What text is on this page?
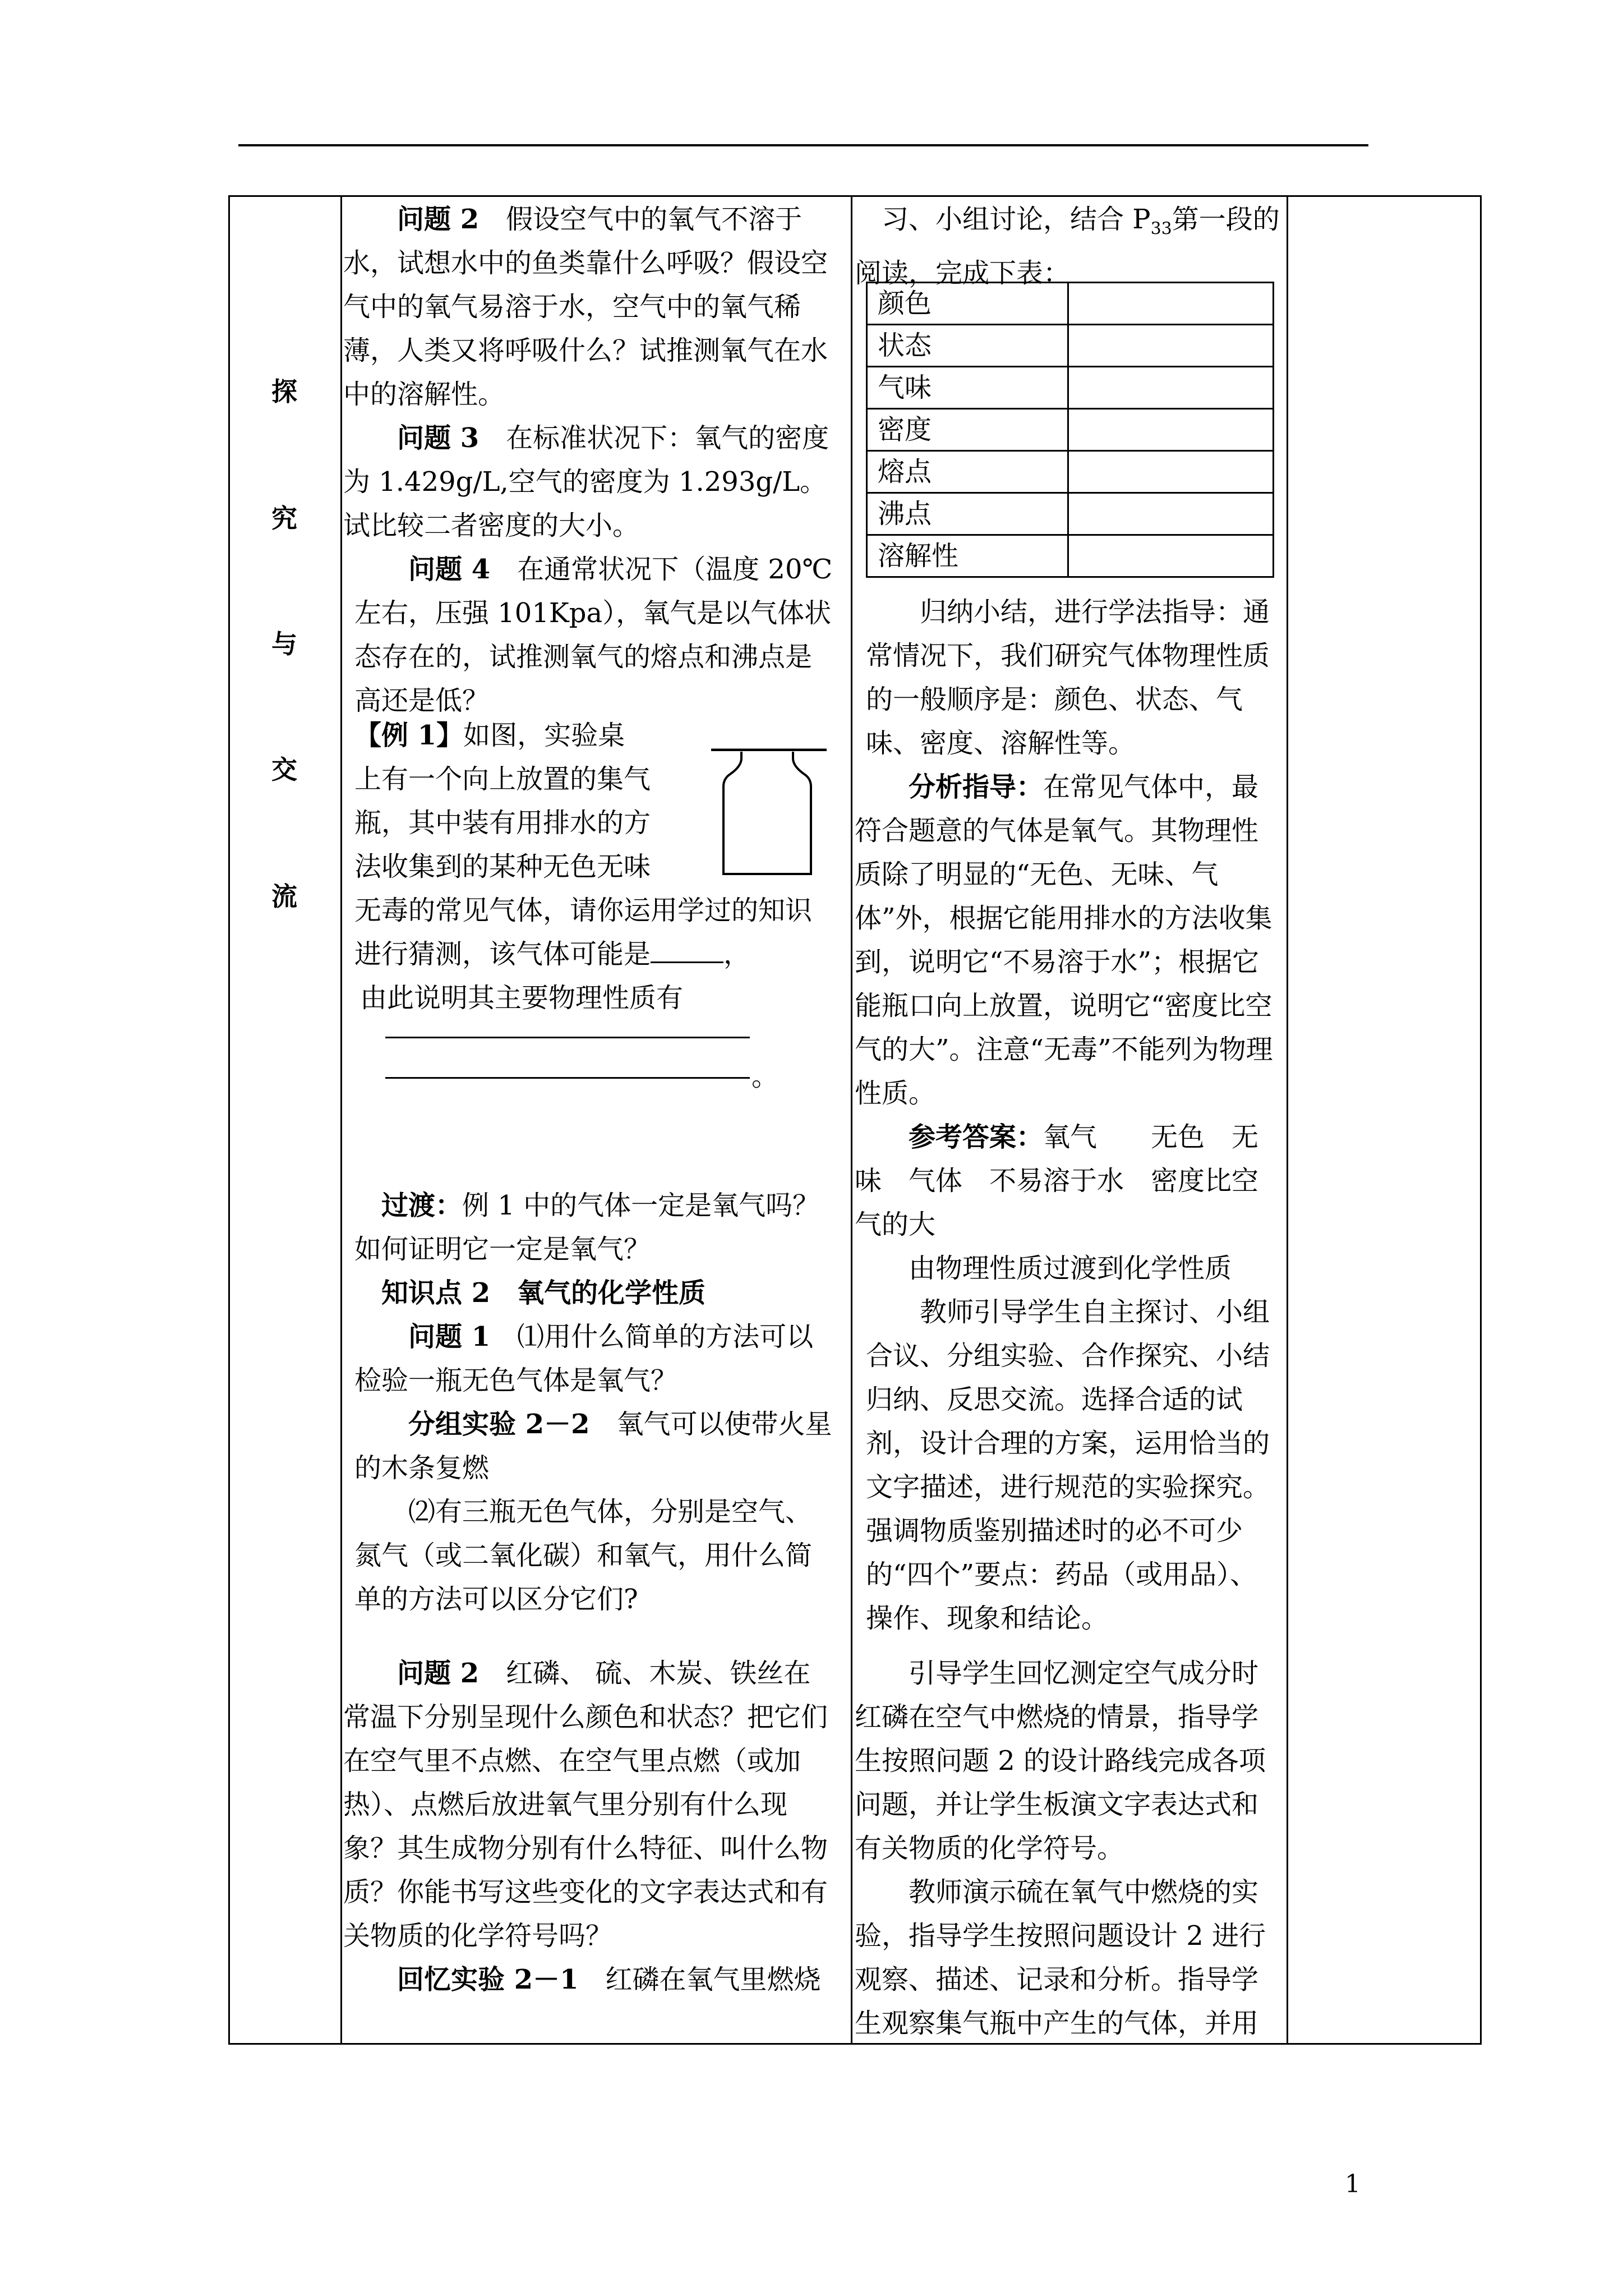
探
究
与
交
流

问题 2　 假设空气中的氧气不溶于水，试想水中的鱼类靠什么呼吸？假设空气中的氧气易溶于水，空气中的氧气稀薄，人类又将呼吸什么？试推测氧气在水中的溶解性。

问题 3　 在标准状况下：氧气的密度为 1.429g/L,空气的密度为 1.293g/L。试比较二者密度的大小。

问题 4　 在通常状况下（温度 20℃左右，压强 101Kpa），氧气是以气体状态存在的，试推测氧气的熔点和沸点是高还是低？

【例 1】如图，实验桌

上有一个向上放置的集气

瓶，其中装有用排水的方

法收集到的某种无色无味

无毒的常见气体，请你运用学过的知识进行猜测，该气体可能是	，

由此说明其主要物理性质有

。

过渡：例 1 中的气体一定是氧气吗？如何证明它一定是氧气？

知识点 2　氧气的化学性质

问题 1　 ⑴用什么简单的方法可以检验一瓶无色气体是氧气？

分组实验 2－2　 氧气可以使带火星的木条复燃

⑵有三瓶无色气体，分别是空气、氮气（或二氧化碳）和氧气，用什么简单的方法可以区分它们?

问题 2　 红磷、 硫、木炭、铁丝在常温下分别呈现什么颜色和状态？把它们在空气里不点燃、在空气里点燃（或加热）、点燃后放进氧气里分别有什么现象？其生成物分别有什么特征、叫什么物质？你能书写这些变化的文字表达式和有关物质的化学符号吗？

回忆实验 2－1　 红磷在氧气里燃烧

习、小组讨论，结合 $P_{33}$第一段的阅读，完成下表：

颜色	
状态	
气味	
密度	
熔点	
沸点	
溶解性	

归纳小结，进行学法指导：通常情况下，我们研究气体物理性质的一般顺序是：颜色、状态、气味、密度、溶解性等。

分析指导：在常见气体中，最符合题意的气体是氧气。其物理性质除了明显的“无色、无味、气体”外，根据它能用排水的方法收集到，说明它“不易溶于水”；根据它能瓶口向上放置，说明它“密度比空气的大”。注意“无毒”不能列为物理性质。

参考答案：氧气　　无色　无味　气体　不易溶于水　密度比空气的大

由物理性质过渡到化学性质

教师引导学生自主探讨、小组合议、分组实验、合作探究、小结归纳、反思交流。选择合适的试剂，设计合理的方案，运用恰当的文字描述，进行规范的实验探究。强调物质鉴别描述时的必不可少的“四个”要点：药品（或用品）、操作、现象和结论。

引导学生回忆测定空气成分时红磷在空气中燃烧的情景，指导学生按照问题 2 的设计路线完成各项问题，并让学生板演文字表达式和有关物质的化学符号。

教师演示硫在氧气中燃烧的实验，指导学生按照问题设计 2 进行观察、描述、记录和分析。指导学生观察集气瓶中产生的气体，并用

1
